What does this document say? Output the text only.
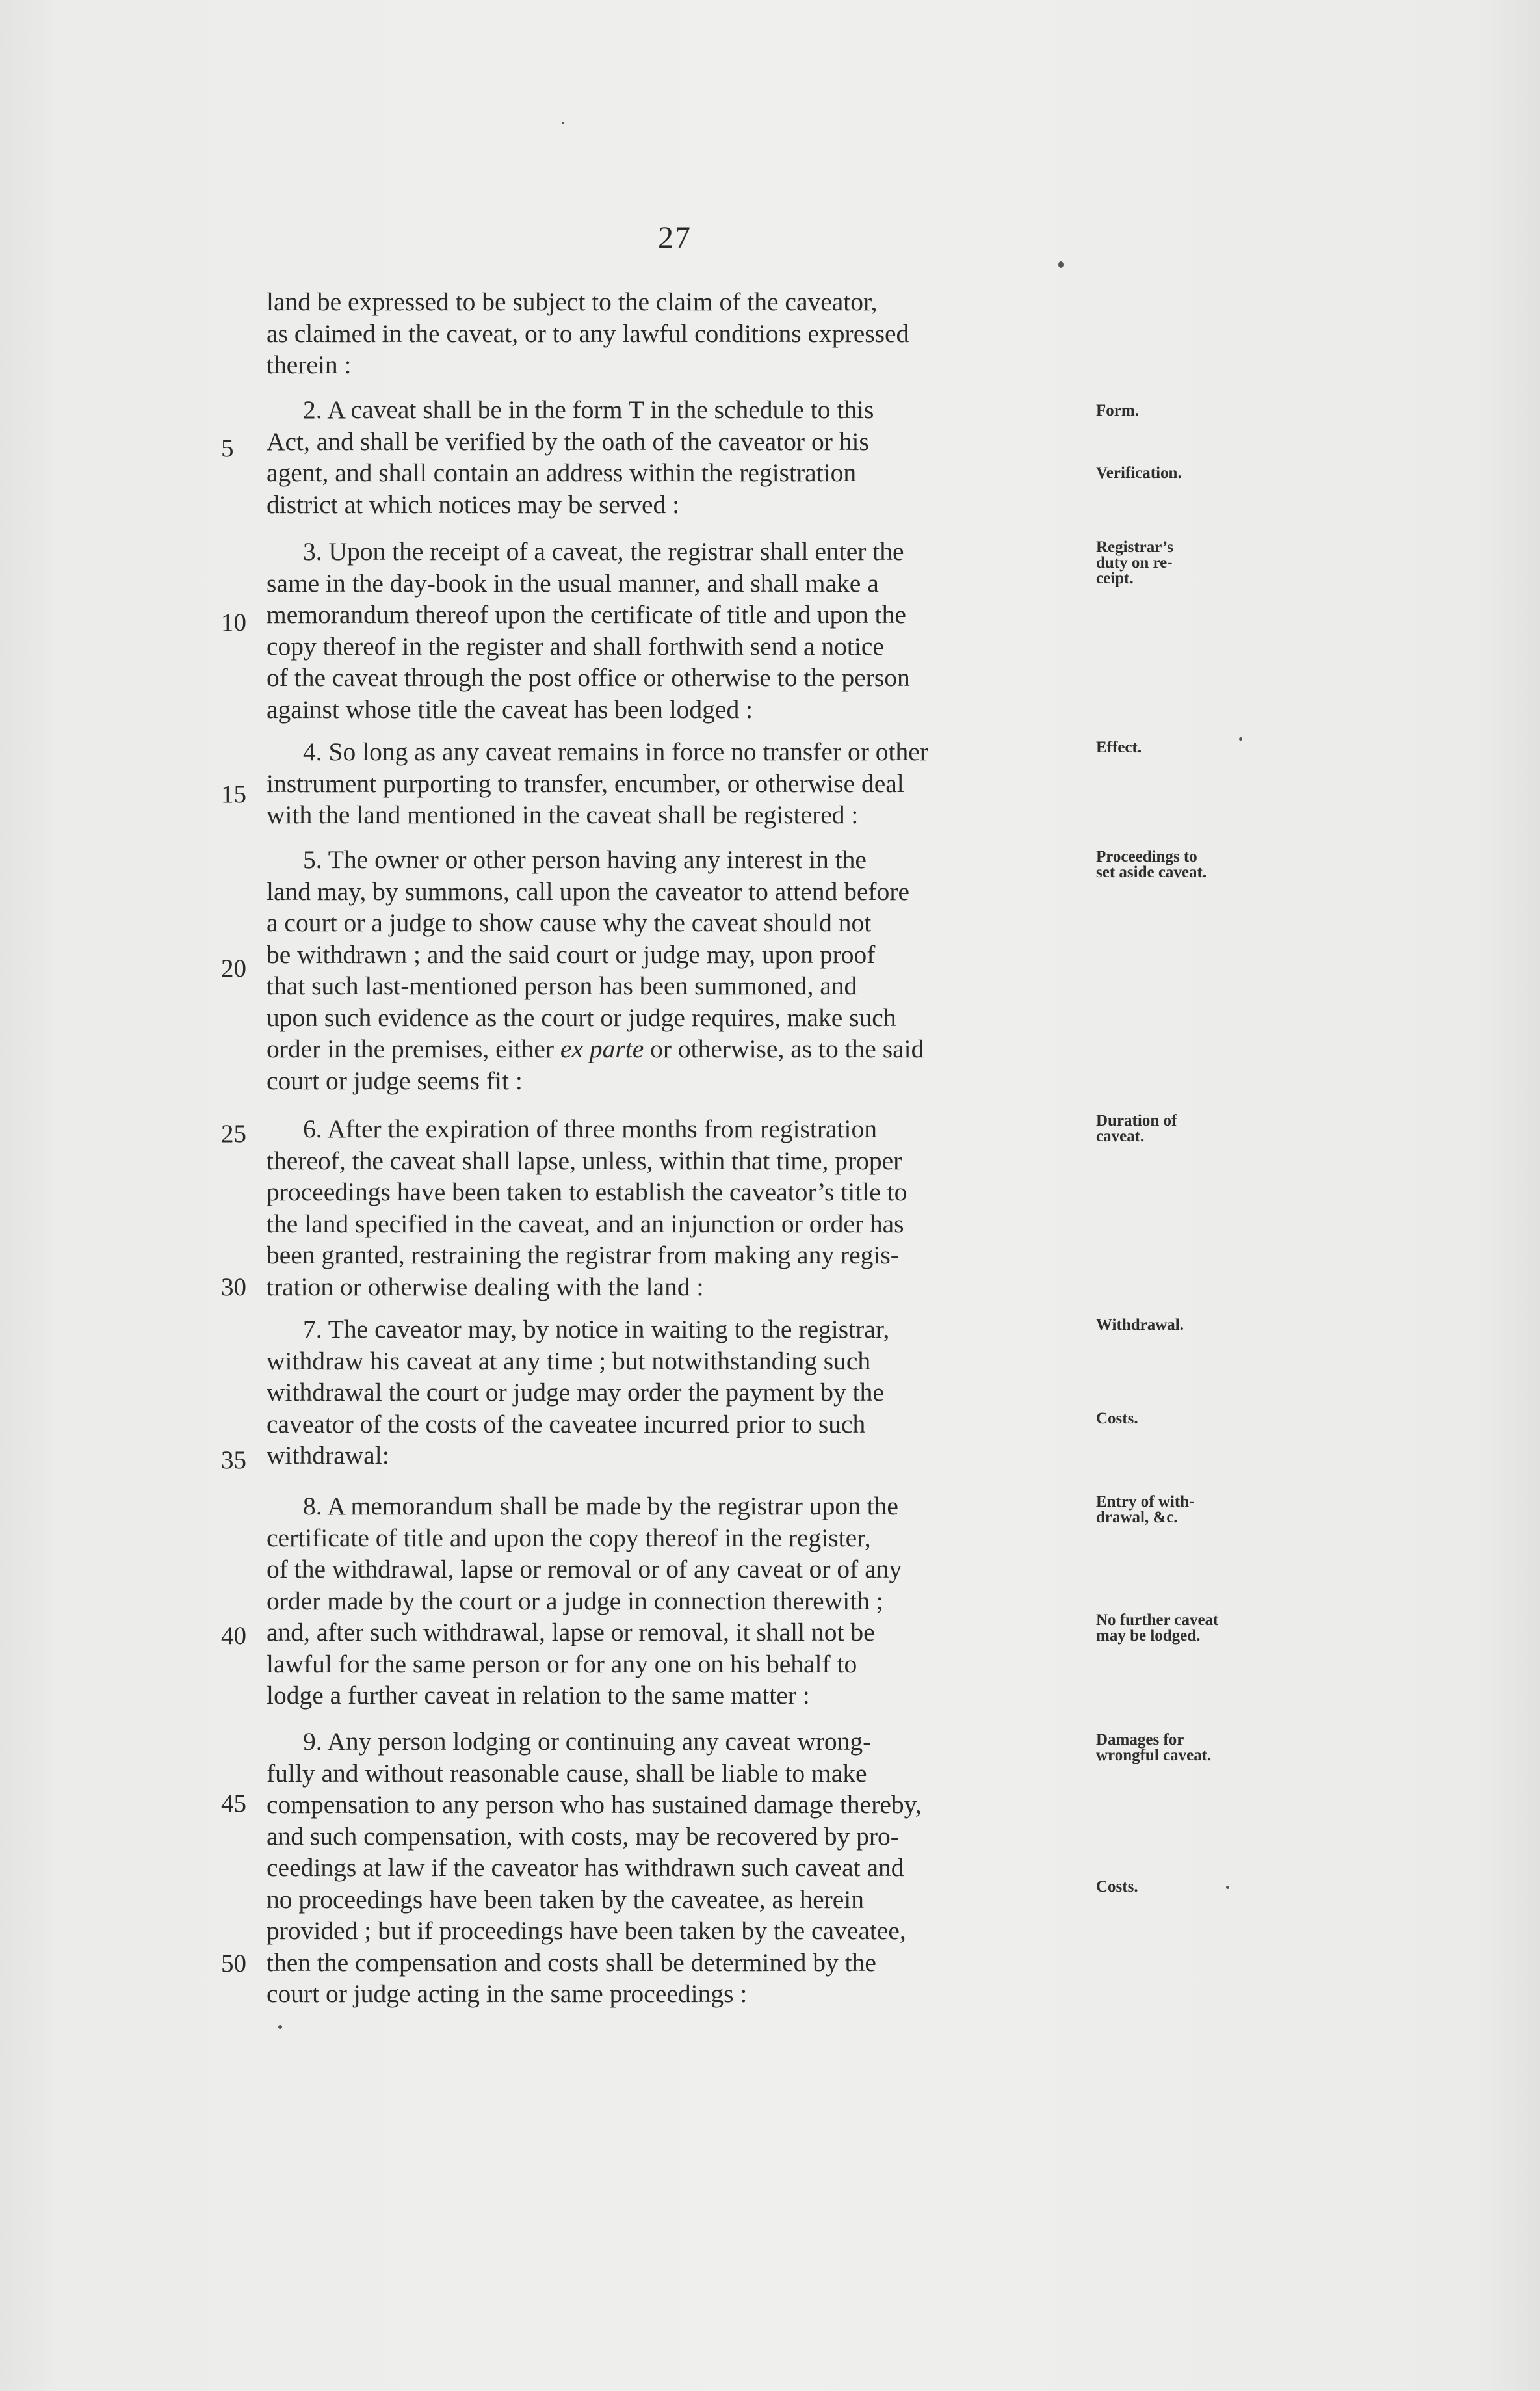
27

land be expressed to be subject to the claim of the caveator,

as claimed in the caveat, or to any lawful conditions expressed

therein :

2. A caveat shall be in the form T in the schedule to this

Act, and shall be verified by the oath of the caveator or his

agent, and shall contain an address within the registration

district at which notices may be served :

3. Upon the receipt of a caveat, the registrar shall enter the

same in the day-book in the usual manner, and shall make a

memorandum thereof upon the certificate of title and upon the

copy thereof in the register and shall forthwith send a notice

of the caveat through the post office or otherwise to the person

against whose title the caveat has been lodged :

4. So long as any caveat remains in force no transfer or other

instrument purporting to transfer, encumber, or otherwise deal

with the land mentioned in the caveat shall be registered :

5. The owner or other person having any interest in the

land may, by summons, call upon the caveator to attend before

a court or a judge to show cause why the caveat should not

be withdrawn ; and the said court or judge may, upon proof

that such last-mentioned person has been summoned, and

upon such evidence as the court or judge requires, make such

order in the premises, either ex parte or otherwise, as to the said

court or judge seems fit :

6. After the expiration of three months from registration

thereof, the caveat shall lapse, unless, within that time, proper

proceedings have been taken to establish the caveator’s title to

the land specified in the caveat, and an injunction or order has

been granted, restraining the registrar from making any regis-

tration or otherwise dealing with the land :

7. The caveator may, by notice in waiting to the registrar,

withdraw his caveat at any time ; but notwithstanding such

withdrawal the court or judge may order the payment by the

caveator of the costs of the caveatee incurred prior to such

withdrawal:

8. A memorandum shall be made by the registrar upon the

certificate of title and upon the copy thereof in the register,

of the withdrawal, lapse or removal or of any caveat or of any

order made by the court or a judge in connection therewith ;

and, after such withdrawal, lapse or removal, it shall not be

lawful for the same person or for any one on his behalf to

lodge a further caveat in relation to the same matter :

9. Any person lodging or continuing any caveat wrong-

fully and without reasonable cause, shall be liable to make

compensation to any person who has sustained damage thereby,

and such compensation, with costs, may be recovered by pro-

ceedings at law if the caveator has withdrawn such caveat and

no proceedings have been taken by the caveatee, as herein

provided ; but if proceedings have been taken by the caveatee,

then the compensation and costs shall be determined by the

court or judge acting in the same proceedings :

5
10
15
20
25
30
35
40
45
50
Form.
Verification.
Registrar’s duty on re-ceipt.
Effect.
Proceedings to set aside caveat.
Duration of caveat.
Withdrawal.
Costs.
Entry of with-drawal, &c.
No further caveat may be lodged.
Damages for wrongful caveat.
Costs.
